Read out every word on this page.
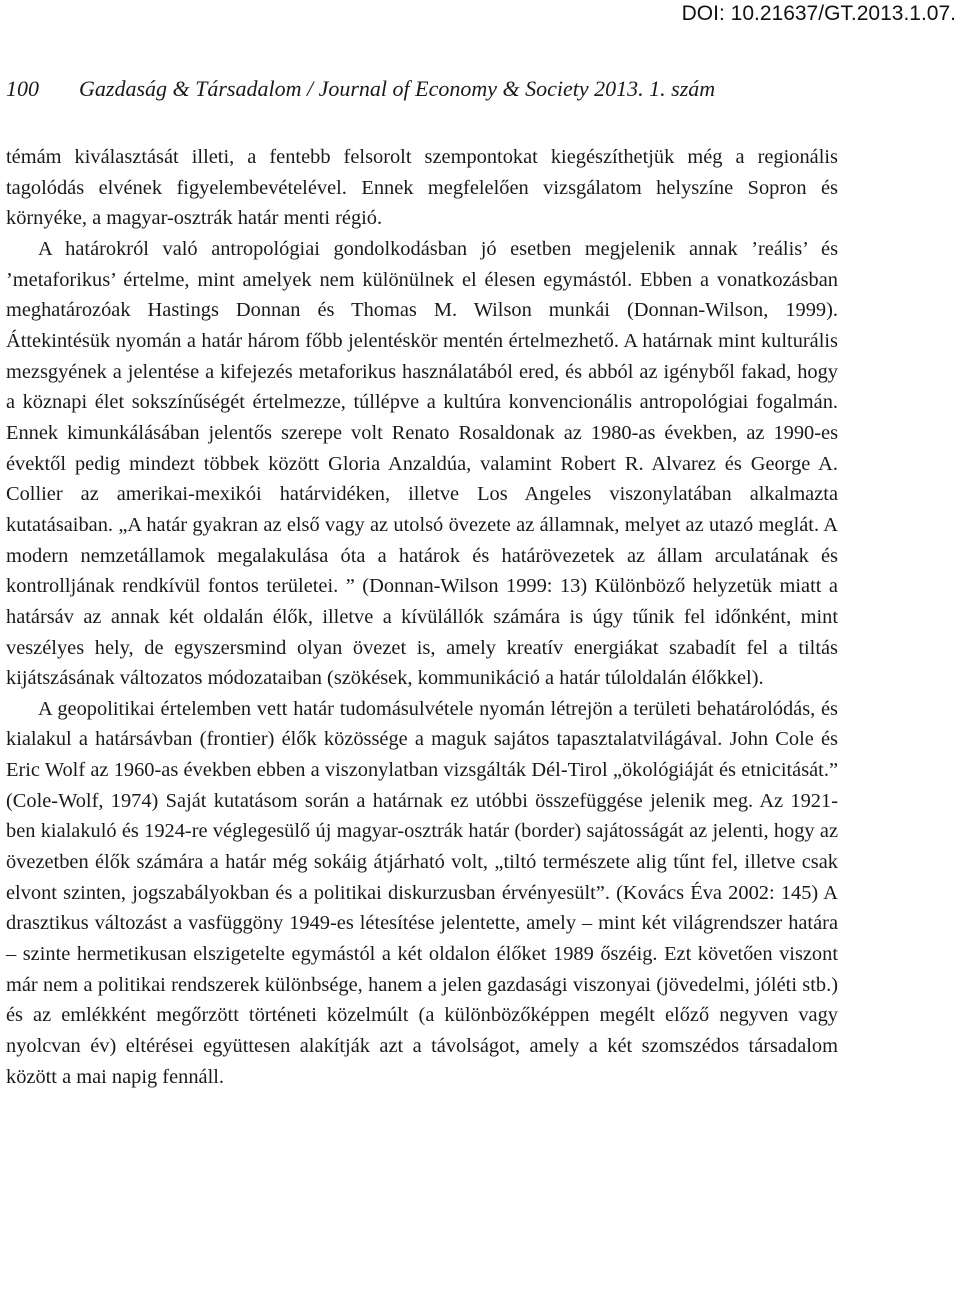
DOI: 10.21637/GT.2013.1.07.
100 Gazdaság & Társadalom / Journal of Economy & Society 2013. 1. szám

témám kiválasztását illeti, a fentebb felsorolt szempontokat kiegészíthetjük még a regionális tagolódás elvének figyelembevételével. Ennek megfelelően vizsgálatom helyszíne Sopron és környéke, a magyar-osztrák határ menti régió.

A határokról való antropológiai gondolkodásban jó esetben megjelenik annak ’reális’ és ’metaforikus’ értelme, mint amelyek nem különülnek el élesen egymástól. Ebben a vonatkozásban meghatározóak Hastings Donnan és Thomas M. Wilson munkái (Donnan-Wilson, 1999). Áttekintésük nyomán a határ három főbb jelentéskör mentén értelmezhető. A határnak mint kulturális mezsgyének a jelentése a kifejezés metaforikus használatából ered, és abból az igényből fakad, hogy a köznapi élet sokszínűségét értelmezze, túllépve a kultúra konvencionális antropológiai fogalmán. Ennek kimunkálásában jelentős szerepe volt Renato Rosaldonak az 1980-as években, az 1990-es évektől pedig mindezt többek között Gloria Anzaldúa, valamint Robert R. Alvarez és George A. Collier az amerikai-mexikói határvidéken, illetve Los Angeles viszonylatában alkalmazta kutatásaiban. „A határ gyakran az első vagy az utolsó övezete az államnak, melyet az utazó meglát. A modern nemzetállamok megalakulása óta a határok és határövezetek az állam arculatának és kontrolljának rendkívül fontos területei. ” (Donnan-Wilson 1999: 13) Különböző helyzetük miatt a határsáv az annak két oldalán élők, illetve a kívülállók számára is úgy tűnik fel időnként, mint veszélyes hely, de egyszersmind olyan övezet is, amely kreatív energiákat szabadít fel a tiltás kijátszásának változatos módozataiban (szökések, kommunikáció a határ túloldalán élőkkel).

A geopolitikai értelemben vett határ tudomásulvétele nyomán létrejön a területi behatárolódás, és kialakul a határsávban (frontier) élők közössége a maguk sajátos tapasztalatvilágával. John Cole és Eric Wolf az 1960-as években ebben a viszonylatban vizsgálták Dél-Tirol „ökológiáját és etnicitását.” (Cole-Wolf, 1974) Saját kutatásom során a határnak ez utóbbi összefüggése jelenik meg. Az 1921-ben kialakuló és 1924-re véglegesülő új magyar-osztrák határ (border) sajátosságát az jelenti, hogy az övezetben élők számára a határ még sokáig átjárható volt, „tiltó természete alig tűnt fel, illetve csak elvont szinten, jogszabályokban és a politikai diskurzusban érvényesült”. (Kovács Éva 2002: 145) A drasztikus változást a vasfüggöny 1949-es létesítése jelentette, amely – mint két világrendszer határa – szinte hermetikusan elszigetelte egymástól a két oldalon élőket 1989 őszéig. Ezt követően viszont már nem a politikai rendszerek különbsége, hanem a jelen gazdasági viszonyai (jövedelmi, jóléti stb.) és az emlékként megőrzött történeti közelmúlt (a különbözőképpen megélt előző negyven vagy nyolcvan év) eltérései együttesen alakítják azt a távolságot, amely a két szomszédos társadalom között a mai napig fennáll.
